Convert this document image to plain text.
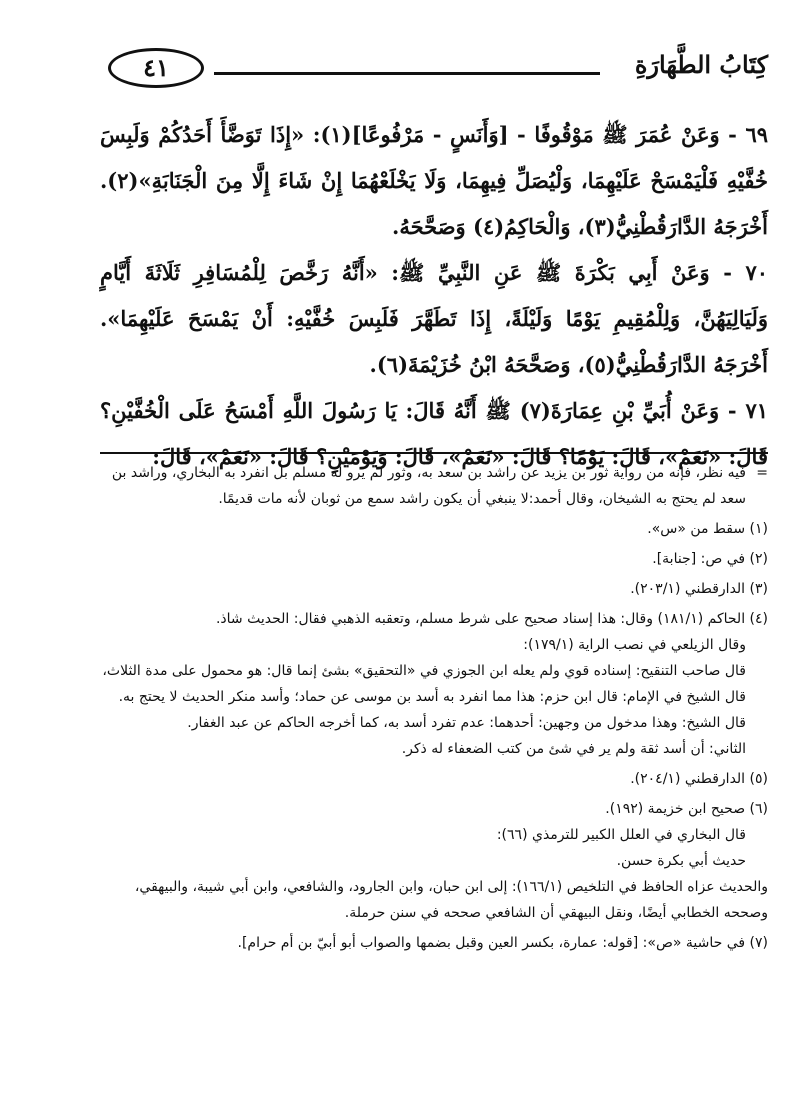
كِتَابُ الطَّهَارَةِ
٤١

٦٩ - وَعَنْ عُمَرَ ﷺ مَوْقُوفًا - [وَأَنَسٍ - مَرْفُوعًا](١): «إِذَا تَوَضَّأَ أَحَدُكُمْ وَلَبِسَ خُفَّيْهِ فَلْيَمْسَحْ عَلَيْهِمَا، وَلْيُصَلِّ فِيهِمَا، وَلَا يَخْلَعْهُمَا إِنْ شَاءَ إِلَّا مِنَ الْجَنَابَةِ»(٢). أَخْرَجَهُ الدَّارَقُطْنِيُّ(٣)، وَالْحَاكِمُ(٤) وَصَحَّحَهُ.

٧٠ - وَعَنْ أَبِي بَكْرَةَ ﷺ عَنِ النَّبِيِّ ﷺ: «أَنَّهُ رَخَّصَ لِلْمُسَافِرِ ثَلَاثَةَ أَيَّامٍ وَلَيَالِيَهُنَّ، وَلِلْمُقِيمِ يَوْمًا وَلَيْلَةً، إِذَا تَطَهَّرَ فَلَبِسَ خُفَّيْهِ: أَنْ يَمْسَحَ عَلَيْهِمَا». أَخْرَجَهُ الدَّارَقُطْنِيُّ(٥)، وَصَحَّحَهُ ابْنُ خُزَيْمَةَ(٦).

٧١ - وَعَنْ أُبَيِّ بْنِ عِمَارَةَ(٧) ﷺ أَنَّهُ قَالَ: يَا رَسُولَ اللَّهِ أَمْسَحُ عَلَى الْخُفَّيْنِ؟ قَالَ: «نَعَمْ»، قَالَ: يَوْمًا؟ قَالَ: «نَعَمْ»، قَالَ: وَيَوْمَيْنِ؟ قَالَ: «نَعَمْ»، قَالَ:

=
فيه نظر، فإنه من رواية ثور بن يزيد عن راشد بن سعد به، وثور لم يرو له مسلم بل انفرد به البخاري، وراشد بن سعد لم يحتج به الشيخان، وقال أحمد:لا ينبغي أن يكون راشد سمع من ثوبان لأنه مات قديمًا.

(١) سقط من «س».

(٢) في ص: [جنابة].

(٣) الدارقطني (٢٠٣/١).

(٤) الحاكم (١٨١/١) وقال: هذا إسناد صحيح على شرط مسلم، وتعقبه الذهبي فقال: الحديث شاذ.

وقال الزيلعي في نصب الراية (١٧٩/١):

قال صاحب التنقيح: إسناده قوي ولم يعله ابن الجوزي في «التحقيق» بشئ إنما قال: هو محمول على مدة الثلاث، قال الشيخ في الإمام: قال ابن حزم: هذا مما انفرد به أسد بن موسى عن حماد؛ وأسد منكر الحديث لا يحتج به.

قال الشيخ: وهذا مدخول من وجهين: أحدهما: عدم تفرد أسد به، كما أخرجه الحاكم عن عبد الغفار.

الثاني: أن أسد ثقة ولم ير في شئ من كتب الضعفاء له ذكر.

(٥) الدارقطني (٢٠٤/١).

(٦) صحيح ابن خزيمة (١٩٢).

قال البخاري في العلل الكبير للترمذي (٦٦):

حديث أبي بكرة حسن.

والحديث عزاه الحافظ في التلخيص (١٦٦/١): إلى ابن حبان، وابن الجارود، والشافعي، وابن أبي شيبة، والبيهقي، وصححه الخطابي أيضًا، ونقل البيهقي أن الشافعي صححه في سنن حرملة.

(٧) في حاشية «ص»: [قوله: عمارة، بكسر العين وقبل بضمها والصواب أبو أبيّ بن أم حرام].
